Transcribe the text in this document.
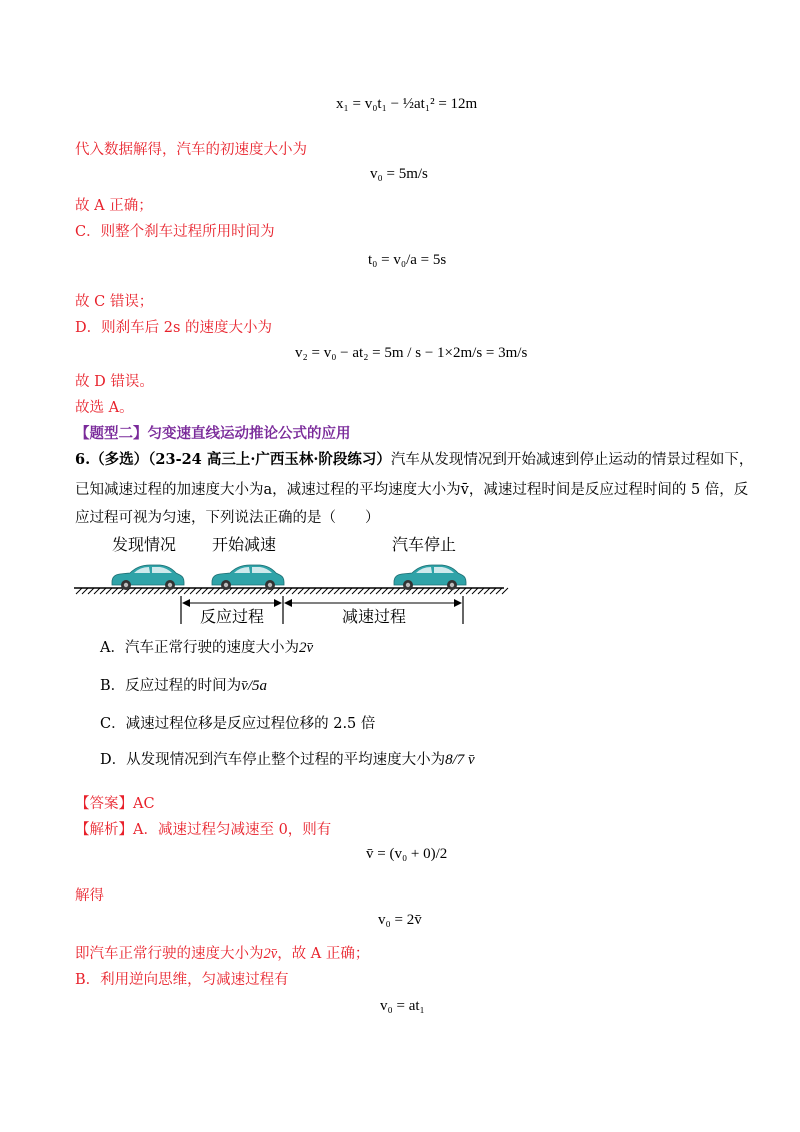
x₁ = v₀t₁ − ½at₁² = 12m
代入数据解得，汽车的初速度大小为
v₀ = 5m/s
故 A 正确；
C．则整个刹车过程所用时间为
t₀ = v₀/a = 5s
故 C 错误；
D．则刹车后 2s 的速度大小为
v₂ = v₀ − at₂ = 5m / s − 1×2m/s = 3m/s
故 D 错误。
故选 A。
【题型二】匀变速直线运动推论公式的应用
6.（多选）（23-24 高三上·广西玉林·阶段练习）汽车从发现情况到开始减速到停止运动的情景过程如下，
已知减速过程的加速度大小为a，减速过程的平均速度大小为v̄，减速过程时间是反应过程时间的 5 倍，反
应过程可视为匀速，下列说法正确的是（　　）
发现情况 开始减速	汽车停止
反应过程	减速过程
A．汽车正常行驶的速度大小为2v̄
B．反应过程的时间为v̄/5a
C．减速过程位移是反应过程位移的 2.5 倍
D．从发现情况到汽车停止整个过程的平均速度大小为8/7 v̄
【答案】AC
【解析】A．减速过程匀减速至 0，则有
v̄ = (v₀ + 0)/2
解得
v₀ = 2v̄
即汽车正常行驶的速度大小为2v̄，故 A 正确；
B．利用逆向思维，匀减速过程有
v₀ = at₁
